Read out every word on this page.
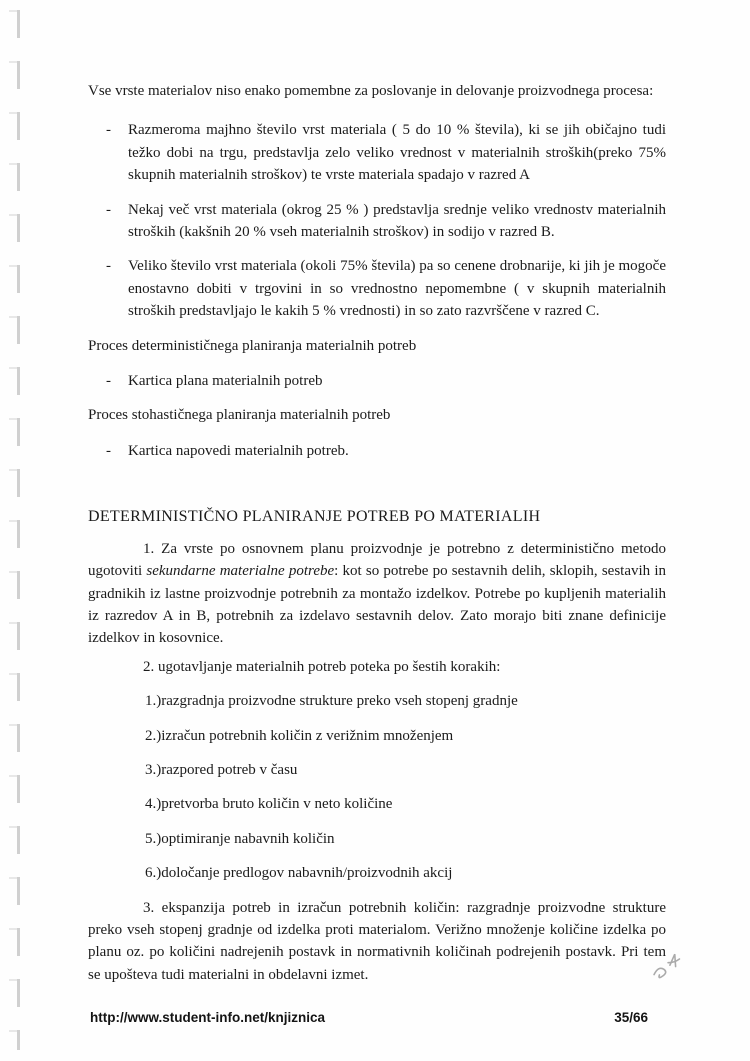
Vse vrste materialov niso enako pomembne za poslovanje in delovanje proizvodnega procesa:

-	Razmeroma majhno število vrst materiala ( 5 do 10 % števila), ki se jih običajno tudi težko dobi na trgu, predstavlja zelo veliko vrednost v materialnih stroških(preko 75% skupnih materialnih stroškov) te vrste materiala spadajo v razred A
-	Nekaj več vrst materiala (okrog 25 % ) predstavlja srednje veliko vrednostv materialnih stroških (kakšnih 20 % vseh materialnih stroškov) in sodijo v razred B.
-	Veliko število vrst materiala (okoli 75% števila) pa so cenene drobnarije, ki jih je mogoče enostavno dobiti v trgovini in so vrednostno nepomembne ( v skupnih materialnih stroških predstavljajo le kakih 5 % vrednosti) in so zato razvrščene v razred C.

Proces determinističnega planiranja materialnih potreb

-	Kartica plana materialnih potreb

Proces stohastičnega planiranja materialnih potreb

-	Kartica napovedi materialnih potreb.
DETERMINISTIČNO PLANIRANJE POTREB PO MATERIALIH

1. Za vrste po osnovnem planu proizvodnje je potrebno z deterministično metodo ugotoviti sekundarne materialne potrebe: kot so potrebe po sestavnih delih, sklopih, sestavih in gradnikih iz lastne proizvodnje potrebnih za montažo izdelkov. Potrebe po kupljenih materialih iz razredov A in B, potrebnih za izdelavo sestavnih delov. Zato morajo biti znane definicije izdelkov in kosovnice.

2. ugotavljanje materialnih potreb poteka po šestih korakih:

1.)razgradnja proizvodne strukture preko vseh stopenj gradnje

2.)izračun potrebnih količin z verižnim množenjem

3.)razpored potreb v času

4.)pretvorba bruto količin v neto količine

5.)optimiranje nabavnih količin

6.)določanje predlogov nabavnih/proizvodnih akcij

3. ekspanzija potreb in izračun potrebnih količin: razgradnje proizvodne strukture preko vseh stopenj gradnje od izdelka proti materialom. Verižno množenje količine izdelka po planu oz. po količini nadrejenih postavk in normativnih količinah podrejenih postavk. Pri tem se upošteva tudi materialni in obdelavni izmet.

http://www.student-info.net/knjiznica	35/66
